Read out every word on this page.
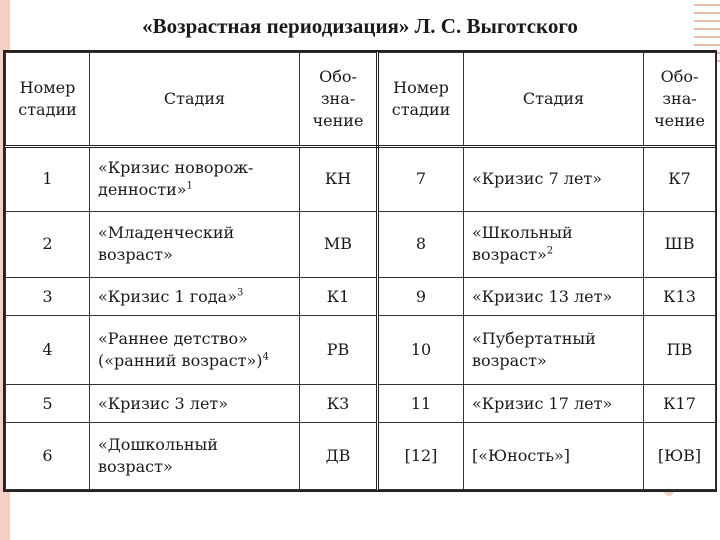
«Возрастная периодизация» Л. С. Выготского
Номер
стадии	Стадия	Обо-
зна-
чение	Номер
стадии	Стадия	Обо-
зна-
чение
1	«Кризис новорож-
денности»$^1$	КН	7	«Кризис 7 лет»	К7
2	«Младенческий
возраст»	МВ	8	«Школьный
возраст»$^2$	ШВ
3	«Кризис 1 года»$^3$	К1	9	«Кризис 13 лет»	К13
4	«Раннее детство»
(«ранний возраст»)$^4$	РВ	10	«Пубертатный
возраст»	ПВ
5	«Кризис 3 лет»	К3	11	«Кризис 17 лет»	К17
6	«Дошкольный
возраст»	ДВ	[12]	[«Юность»]	[ЮВ]
